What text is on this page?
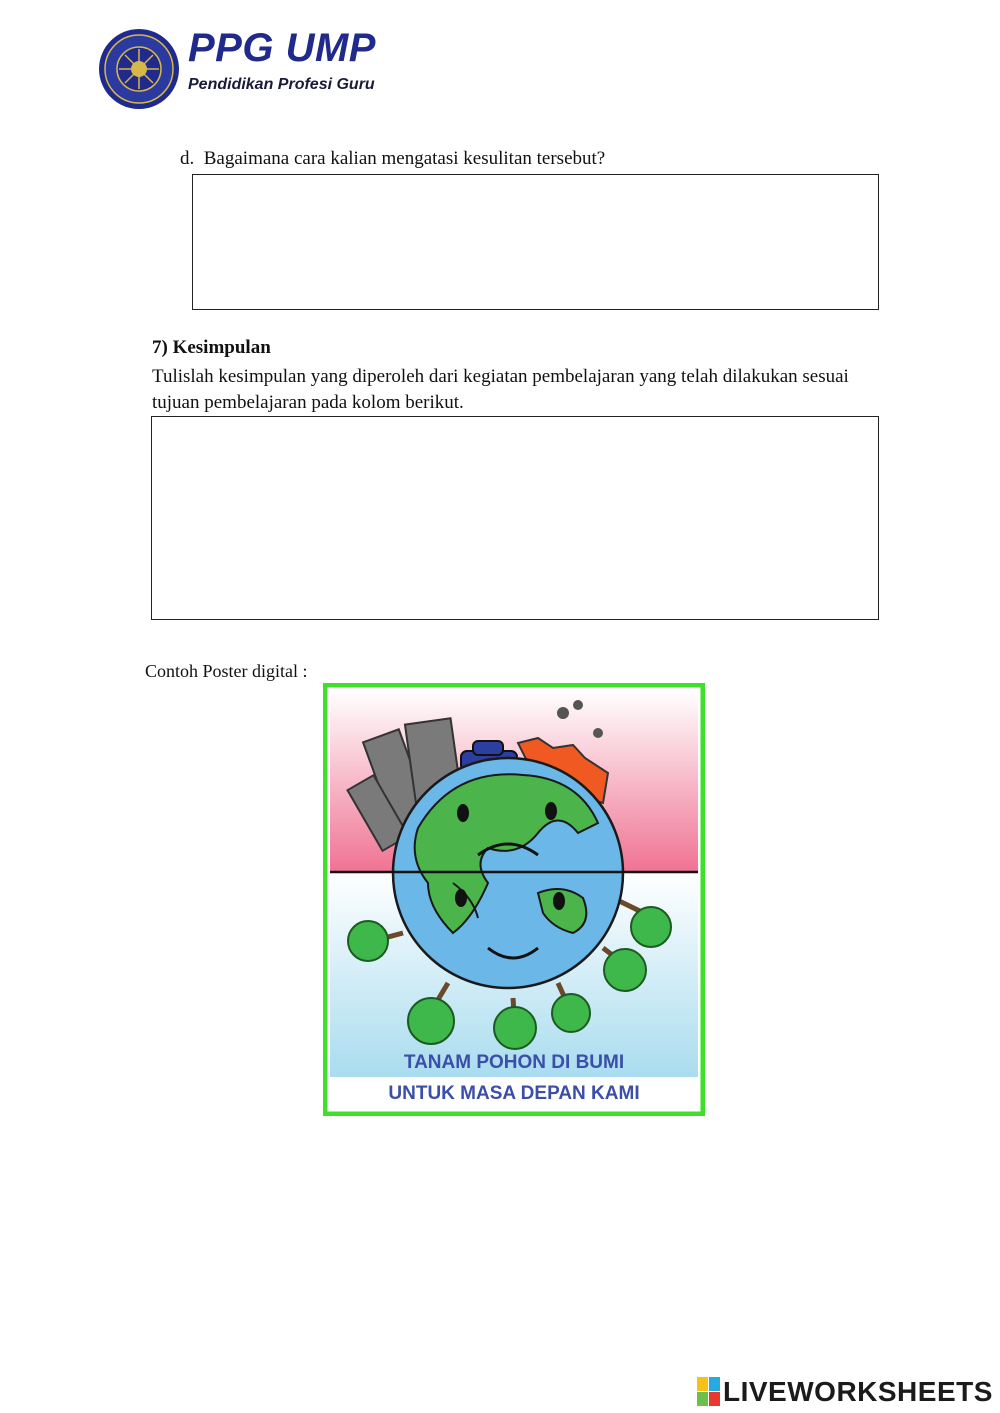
PPG UMP
Pendidikan Profesi Guru
d. Bagaimana cara kalian mengatasi kesulitan tersebut?
7) Kesimpulan
Tulislah kesimpulan yang diperoleh dari kegiatan pembelajaran yang telah dilakukan sesuai
tujuan pembelajaran pada kolom berikut.
Contoh Poster digital :
TANAM POHON DI BUMI
UNTUK MASA DEPAN KAMI
LIVEWORKSHEETS
